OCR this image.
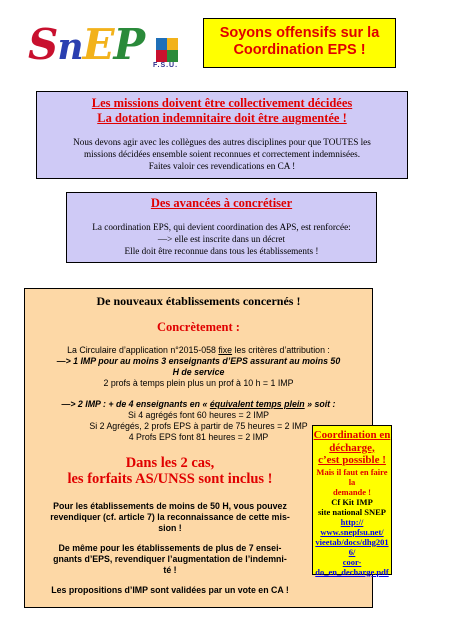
SnEP F.S.U.
Soyons offensifs sur la
Coordination EPS !
Les missions doivent être collectivement décidées
La dotation indemnitaire doit être augmentée !
Nous devons agir avec les collègues des autres disciplines pour que TOUTES les
missions décidées ensemble soient reconnues et correctement indemnisées.
Faites valoir ces revendications en CA !
Des avancées à concrétiser
La coordination EPS, qui devient coordination des APS, est renforcée:
—> elle est inscrite dans un décret
Elle doit être reconnue dans tous les établissements !
De nouveaux établissements concernés !
Concrètement :
La Circulaire d’application n°2015-058 fixe les critères d’attribution :
—> 1 IMP pour au moins 3 enseignants d’EPS assurant au moins 50
H de service
2 profs à temps plein plus un prof à 10 h = 1 IMP
—> 2 IMP : + de 4 enseignants en « équivalent temps plein » soit :
Si 4 agrégés font 60 heures = 2 IMP
Si 2 Agrégés, 2 profs EPS à partir de 75 heures = 2 IMP
4 Profs EPS font 81 heures = 2 IMP
Dans les 2 cas,
les forfaits AS/UNSS sont inclus !
Pour les établissements de moins de 50 H, vous pouvez
revendiquer (cf. article 7) la reconnaissance de cette mis-
sion !
De même pour les établissements de plus de 7 ensei-
gnants d’EPS, revendiquer l’augmentation de l’indemni-
té !
Les propositions d’IMP sont validées par un vote en CA !
Coordination en
décharge,
c’est possible !
Mais il faut en faire la
demande !
Cf Kit IMP
site national SNEP
http://
www.snepfsu.net/
vieetab/docs/dhg2016/
coor-
do_en_decharge.pdf
